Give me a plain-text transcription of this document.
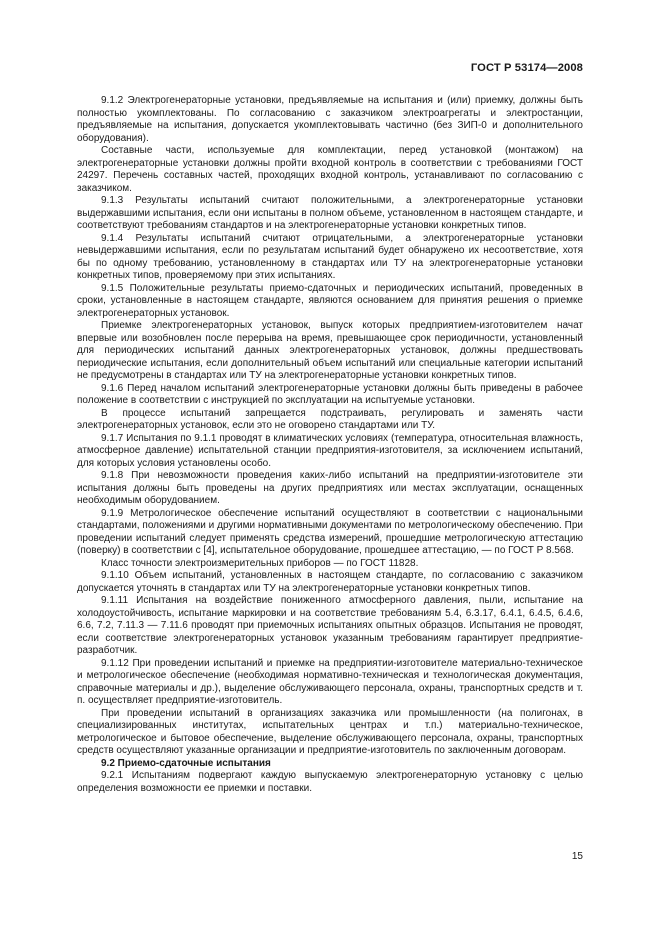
ГОСТ Р 53174—2008

9.1.2 Электрогенераторные установки, предъявляемые на испытания и (или) приемку, должны быть полностью укомплектованы. По согласованию с заказчиком электроагрегаты и электростанции, предъявляемые на испытания, допускается укомплектовывать частично (без ЗИП-0 и дополнительного оборудования).

Составные части, используемые для комплектации, перед установкой (монтажом) на электрогенераторные установки должны пройти входной контроль в соответствии с требованиями ГОСТ 24297. Перечень составных частей, проходящих входной контроль, устанавливают по согласованию с заказчиком.

9.1.3 Результаты испытаний считают положительными, а электрогенераторные установки выдержавшими испытания, если они испытаны в полном объеме, установленном в настоящем стандарте, и соответствуют требованиям стандартов и на электрогенераторные установки конкретных типов.

9.1.4 Результаты испытаний считают отрицательными, а электрогенераторные установки невыдержавшими испытания, если по результатам испытаний будет обнаружено их несоответствие, хотя бы по одному требованию, установленному в стандартах или ТУ на электрогенераторные установки конкретных типов, проверяемому при этих испытаниях.

9.1.5 Положительные результаты приемо-сдаточных и периодических испытаний, проведенных в сроки, установленные в настоящем стандарте, являются основанием для принятия решения о приемке электрогенераторных установок.

Приемке электрогенераторных установок, выпуск которых предприятием-изготовителем начат впервые или возобновлен после перерыва на время, превышающее срок периодичности, установленный для периодических испытаний данных электрогенераторных установок, должны предшествовать периодические испытания, если дополнительный объем испытаний или специальные категории испытаний не предусмотрены в стандартах или ТУ на электрогенераторные установки конкретных типов.

9.1.6 Перед началом испытаний электрогенераторные установки должны быть приведены в рабочее положение в соответствии с инструкцией по эксплуатации на испытуемые установки.

В процессе испытаний запрещается подстраивать, регулировать и заменять части электрогенераторных установок, если это не оговорено стандартами или ТУ.

9.1.7 Испытания по 9.1.1 проводят в климатических условиях (температура, относительная влажность, атмосферное давление) испытательной станции предприятия-изготовителя, за исключением испытаний, для которых условия установлены особо.

9.1.8 При невозможности проведения каких-либо испытаний на предприятии-изготовителе эти испытания должны быть проведены на других предприятиях или местах эксплуатации, оснащенных необходимым оборудованием.

9.1.9 Метрологическое обеспечение испытаний осуществляют в соответствии с национальными стандартами, положениями и другими нормативными документами по метрологическому обеспечению. При проведении испытаний следует применять средства измерений, прошедшие метрологическую аттестацию (поверку) в соответствии с [4], испытательное оборудование, прошедшее аттестацию, — по ГОСТ Р 8.568.

Класс точности электроизмерительных приборов — по ГОСТ 11828.

9.1.10 Объем испытаний, установленных в настоящем стандарте, по согласованию с заказчиком допускается уточнять в стандартах или ТУ на электрогенераторные установки конкретных типов.

9.1.11 Испытания на воздействие пониженного атмосферного давления, пыли, испытание на холодоустойчивость, испытание маркировки и на соответствие требованиям 5.4, 6.3.17, 6.4.1, 6.4.5, 6.4.6, 6.6, 7.2, 7.11.3 — 7.11.6 проводят при приемочных испытаниях опытных образцов. Испытания не проводят, если соответствие электрогенераторных установок указанным требованиям гарантирует предприятие-разработчик.

9.1.12 При проведении испытаний и приемке на предприятии-изготовителе материально-техническое и метрологическое обеспечение (необходимая нормативно-техническая и технологическая документация, справочные материалы и др.), выделение обслуживающего персонала, охраны, транспортных средств и т. п. осуществляет предприятие-изготовитель.

При проведении испытаний в организациях заказчика или промышленности (на полигонах, в специализированных институтах, испытательных центрах и т.п.) материально-техническое, метрологическое и бытовое обеспечение, выделение обслуживающего персонала, охраны, транспортных средств осуществляют указанные организации и предприятие-изготовитель по заключенным договорам.

9.2 Приемо-сдаточные испытания

9.2.1 Испытаниям подвергают каждую выпускаемую электрогенераторную установку с целью определения возможности ее приемки и поставки.

15
